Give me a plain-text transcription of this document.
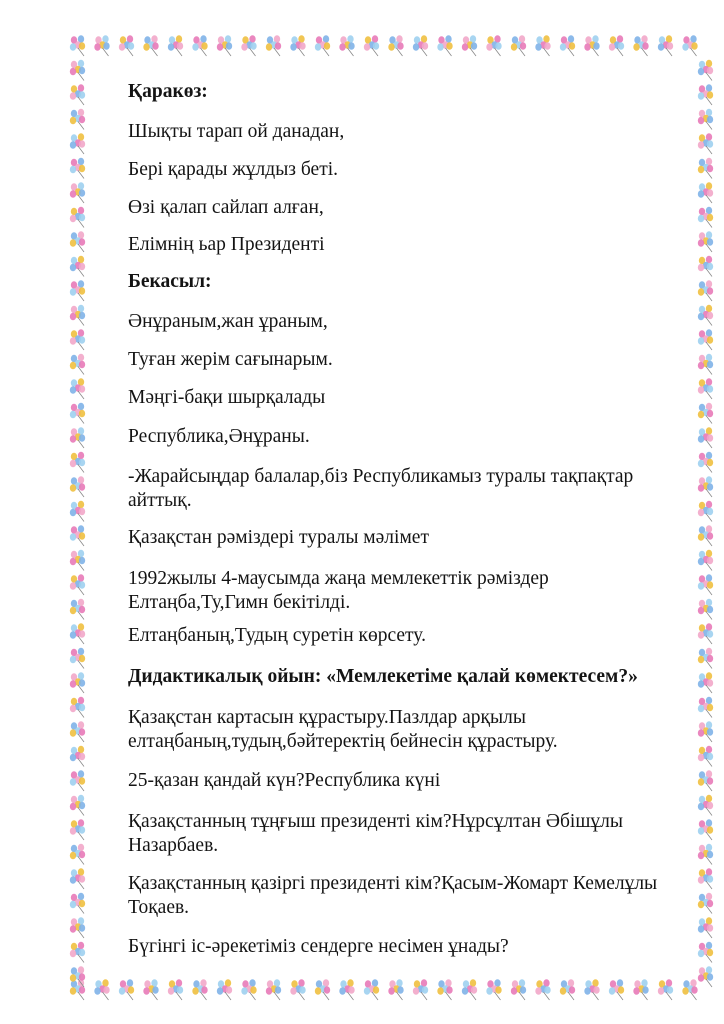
Қаракөз:

Шықты тарап ой данадан,

Бері қарады жұлдыз беті.

Өзі қалап сайлап алған,

Елімнің ьар Президенті

Бекасыл:

Әнұраным,жан ұраным,

Туған жерім сағынарым.

Мәңгі-бақи шырқалады

Республика,Әнұраны.

-Жарайсыңдар балалар,біз Республикамыз туралы тақпақтар айттық.

Қазақстан рәміздері туралы мәлімет

1992жылы 4-маусымда жаңа мемлекеттік рәміздер Елтаңба,Ту,Гимн бекітілді.

Елтаңбаның,Тудың суретін көрсету.

Дидактикалық ойын: «Мемлекетіме қалай көмектесем?»

Қазақстан картасын құрастыру.Пазлдар арқылы елтаңбаның,тудың,бәйтеректің бейнесін құрастыру.

25-қазан қандай күн?Республика күні

Қазақстанның тұңғыш президенті кім?Нұрсұлтан Әбішұлы Назарбаев.

Қазақстанның қазіргі президенті кім?Қасым-Жомарт Кемелұлы Тоқаев.

Бүгінгі іс-әрекетіміз сендерге несімен ұнады?
